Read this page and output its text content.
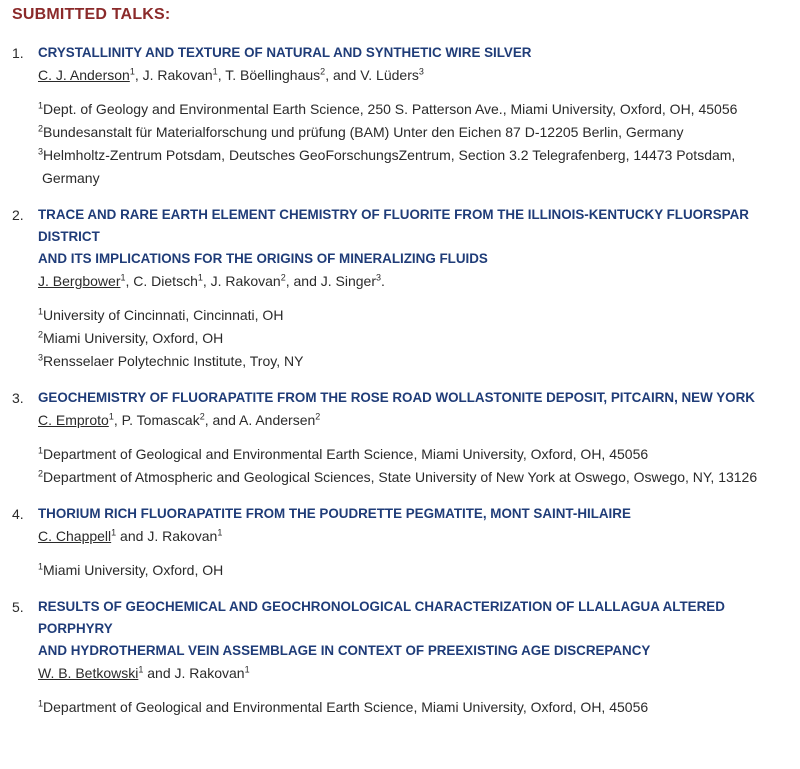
SUBMITTED TALKS:
1.	CRYSTALLINITY AND TEXTURE OF NATURAL AND SYNTHETIC WIRE SILVER
C. J. Anderson$^1$, J. Rakovan$^1$, T. Böellinghaus$^2$, and V. Lüders$^3$
$^1$Dept. of Geology and Environmental Earth Science, 250 S. Patterson Ave., Miami University, Oxford, OH, 45056
$^2$Bundesanstalt für Materialforschung und prüfung (BAM) Unter den Eichen 87 D-12205 Berlin, Germany
$^3$Helmholtz-Zentrum Potsdam, Deutsches GeoForschungsZentrum, Section 3.2 Telegrafenberg, 14473 Potsdam,
Germany
2.	TRACE AND RARE EARTH ELEMENT CHEMISTRY OF FLUORITE FROM THE ILLINOIS-KENTUCKY FLUORSPAR DISTRICT
AND ITS IMPLICATIONS FOR THE ORIGINS OF MINERALIZING FLUIDS
J. Bergbower$^1$, C. Dietsch$^1$, J. Rakovan$^2$, and J. Singer$^3$.
$^1$University of Cincinnati, Cincinnati, OH
$^2$Miami University, Oxford, OH
$^3$Rensselaer Polytechnic Institute, Troy, NY
3.	GEOCHEMISTRY OF FLUORAPATITE FROM THE ROSE ROAD WOLLASTONITE DEPOSIT, PITCAIRN, NEW YORK
C. Emproto$^1$, P. Tomascak$^2$, and A. Andersen$^2$
$^1$Department of Geological and Environmental Earth Science, Miami University, Oxford, OH, 45056
$^2$Department of Atmospheric and Geological Sciences, State University of New York at Oswego, Oswego, NY, 13126
4.	THORIUM RICH FLUORAPATITE FROM THE POUDRETTE PEGMATITE, MONT SAINT-HILAIRE
C. Chappell$^1$ and J. Rakovan$^1$
$^1$Miami University, Oxford, OH
5.	RESULTS OF GEOCHEMICAL AND GEOCHRONOLOGICAL CHARACTERIZATION OF LLALLAGUA ALTERED PORPHYRY
AND HYDROTHERMAL VEIN ASSEMBLAGE IN CONTEXT OF PREEXISTING AGE DISCREPANCY
W. B. Betkowski$^1$ and J. Rakovan$^1$
$^1$Department of Geological and Environmental Earth Science, Miami University, Oxford, OH, 45056
